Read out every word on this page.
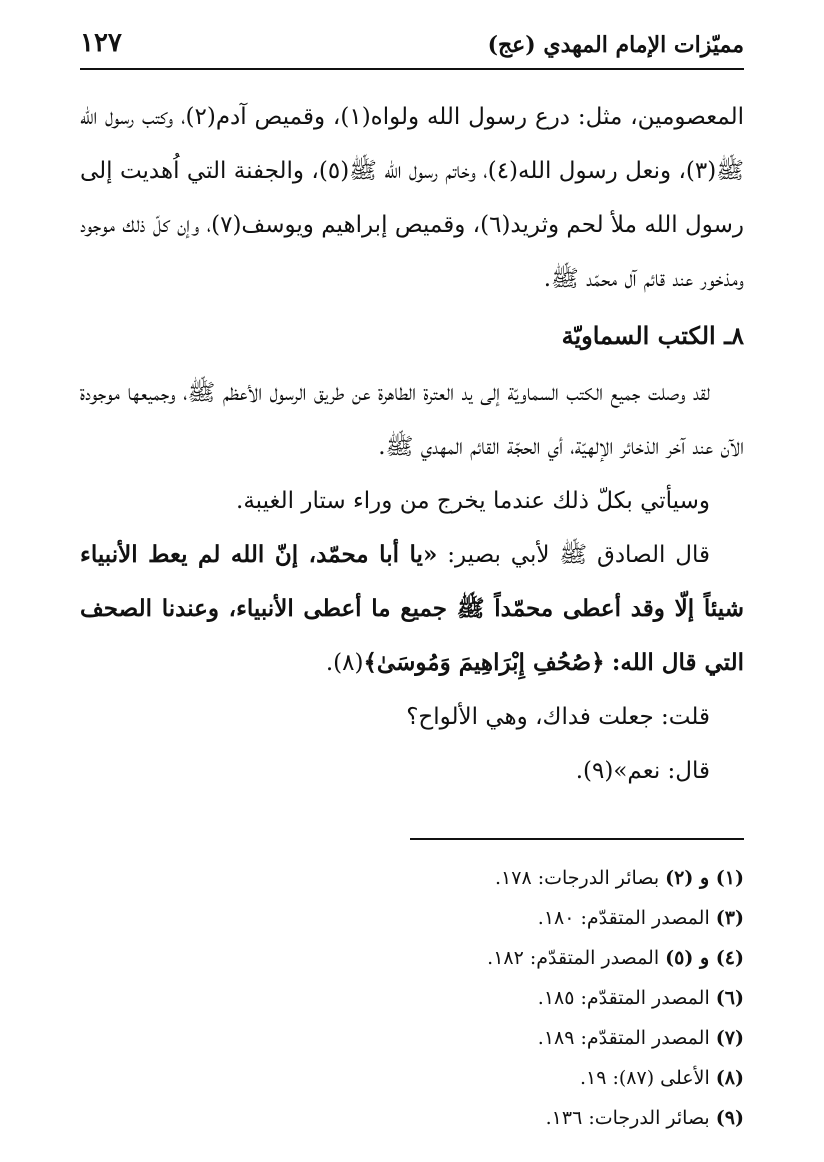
١٢٧	مميّزات الإمام المهدي (عج)

المعصومين، مثل: درع رسول الله ولواه(١)، وقميص آدم(٢)، وكتب رسول الله ﷺ(٣)، ونعل رسول الله(٤)، وخاتم رسول الله ﷺ(٥)، والجفنة التي اُهديت إلى رسول الله ملأ لحم وثريد(٦)، وقميص إبراهيم ويوسف(٧)، وإن كلّ ذلك موجود ومذخور عند قائم آل محمّد ﷺ.

٨ـ الكتب السماويّة

لقد وصلت جميع الكتب السماويّة إلى يد العترة الطاهرة عن طريق الرسول الأعظم ﷺ، وجميعها موجودة الآن عند آخر الذخائر الإلهيّة، أي الحجّة القائم المهدي ﷺ.

وسيأتي بكلّ ذلك عندما يخرج من وراء ستار الغيبة.

قال الصادق ﷺ لأبي بصير: «يا أبا محمّد، إنّ الله لم يعط الأنبياء شيئاً إلّا وقد أعطى محمّداً ﷺ جميع ما أعطى الأنبياء، وعندنا الصحف التي قال الله: ﴿صُحُفِ إِبْرَاهِيمَ وَمُوسَىٰ﴾(٨).

قلت: جعلت فداك، وهي الألواح؟

قال: نعم»(٩).

(١) و (٢) بصائر الدرجات: ١٧٨.
(٣) المصدر المتقدّم: ١٨٠.
(٤) و (٥) المصدر المتقدّم: ١٨٢.
(٦) المصدر المتقدّم: ١٨٥.
(٧) المصدر المتقدّم: ١٨٩.
(٨) الأعلى (٨٧): ١٩.
(٩) بصائر الدرجات: ١٣٦.
